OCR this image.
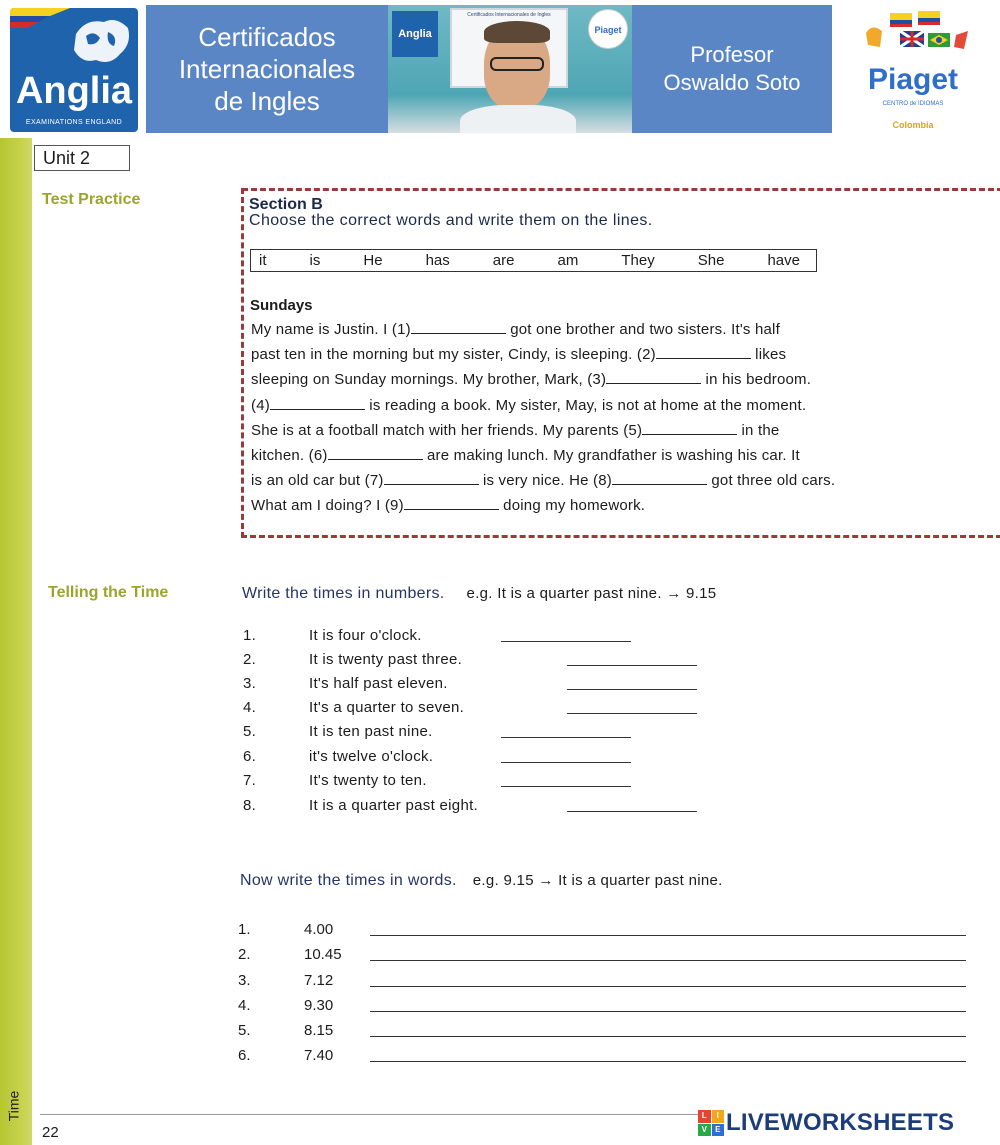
Anglia
EXAMINATIONS ENGLAND
Certificados
Internacionales
de Ingles
Certificados Internacionales de Ingles
Anglia	Piaget
Profesor
Oswaldo Soto	Piaget
CENTRO de IDIOMAS
Colombia
Time
Unit 2
Test Practice	Section B
Choose the correct words and write them on the lines.
it	is	He	has	are	am	They	She	have
Sundays
My name is Justin. I (1)	got one brother and two sisters. It's half
past ten in the morning but my sister, Cindy, is sleeping. (2)	likes
sleeping on Sunday mornings. My brother, Mark, (3)	in his bedroom.
(4)	is reading a book. My sister, May, is not at home at the moment.
She is at a football match with her friends. My parents (5)	in the
kitchen. (6)	are making lunch. My grandfather is washing his car. It
is an old car but (7)	is very nice. He (8)	got three old cars.
What am I doing? I (9)	doing my homework.
Telling the Time	Write the times in numbers. e.g. It is a quarter past nine. → 9.15
1.	It is four o'clock.
2.	It is twenty past three.
3.	It's half past eleven.
4.	It's a quarter to seven.
5.	It is ten past nine.
6.	it's twelve o'clock.
7.	It's twenty to ten.
8.	It is a quarter past eight.
Now write the times in words. e.g. 9.15 → It is a quarter past nine.
1.	4.00
2.	10.45
3.	7.12
4.	9.30
5.	8.15
6.	7.40
22
L	I
V	E LIVEWORKSHEETS
